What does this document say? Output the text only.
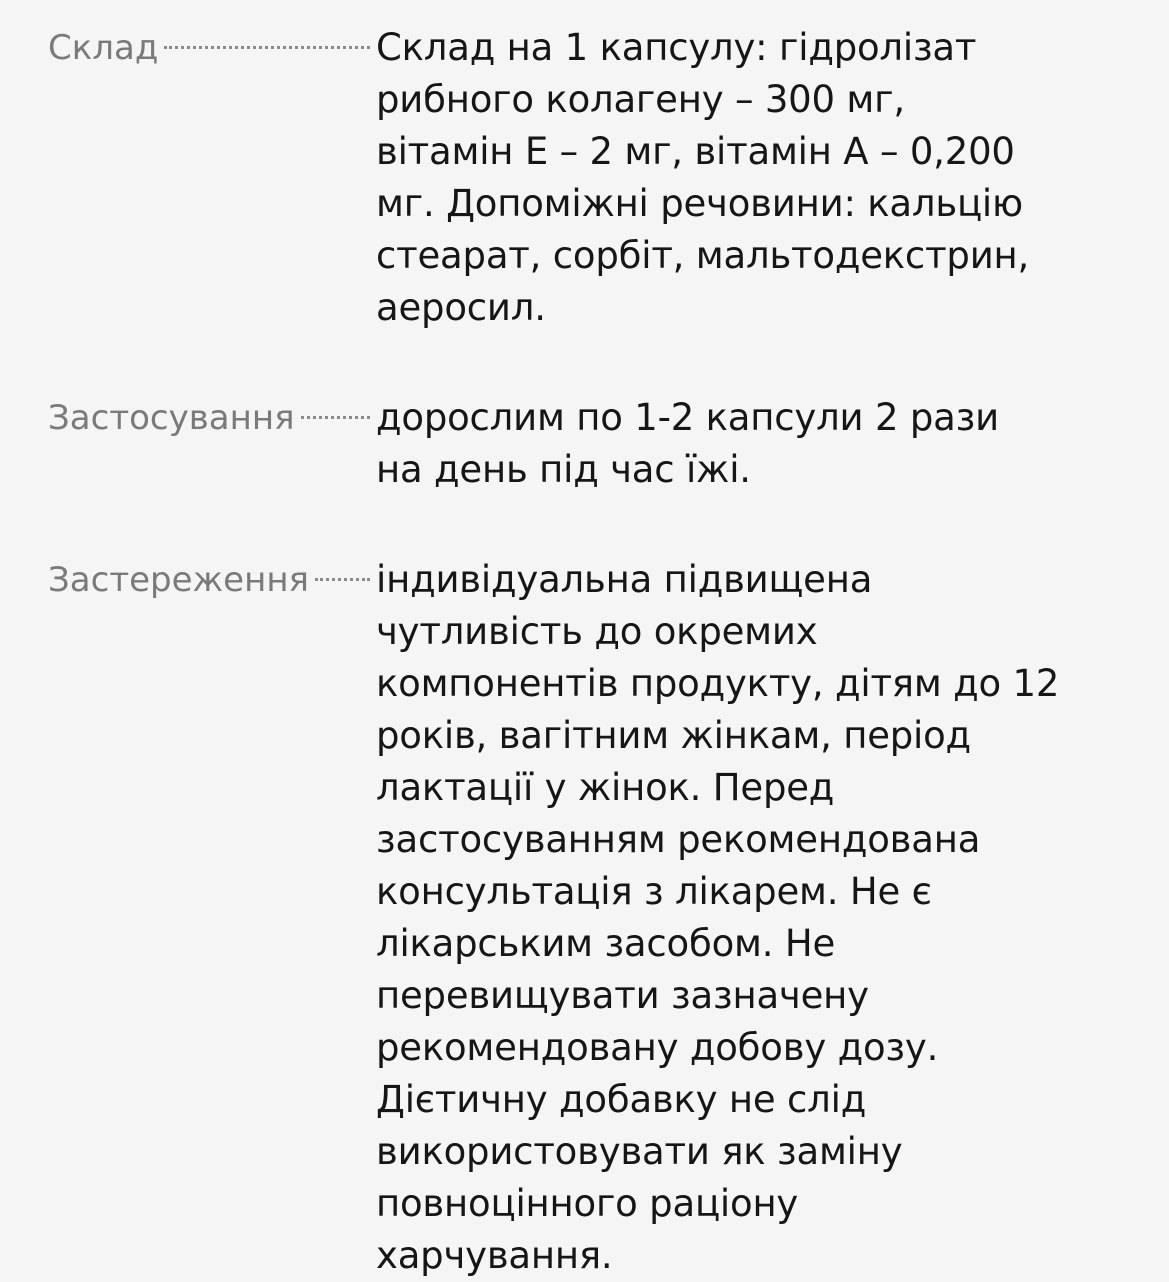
Склад	Склад на 1 капсулу: гідролізат
рибного колагену – 300 мг,
вітамін Е – 2 мг, вітамін А – 0,200
мг. Допоміжні речовини: кальцію
стеарат, сорбіт, мальтодекстрин,
аеросил.
Застосування дорослим по 1-2 капсули 2 рази
на день під час їжі.
Застереження індивідуальна підвищена
чутливість до окремих
компонентів продукту, дітям до 12
років, вагітним жінкам, період
лактації у жінок. Перед
застосуванням рекомендована
консультація з лікарем. Не є
лікарським засобом. Не
перевищувати зазначену
рекомендовану добову дозу.
Дієтичну добавку не слід
використовувати як заміну
повноцінного раціону
харчування.
